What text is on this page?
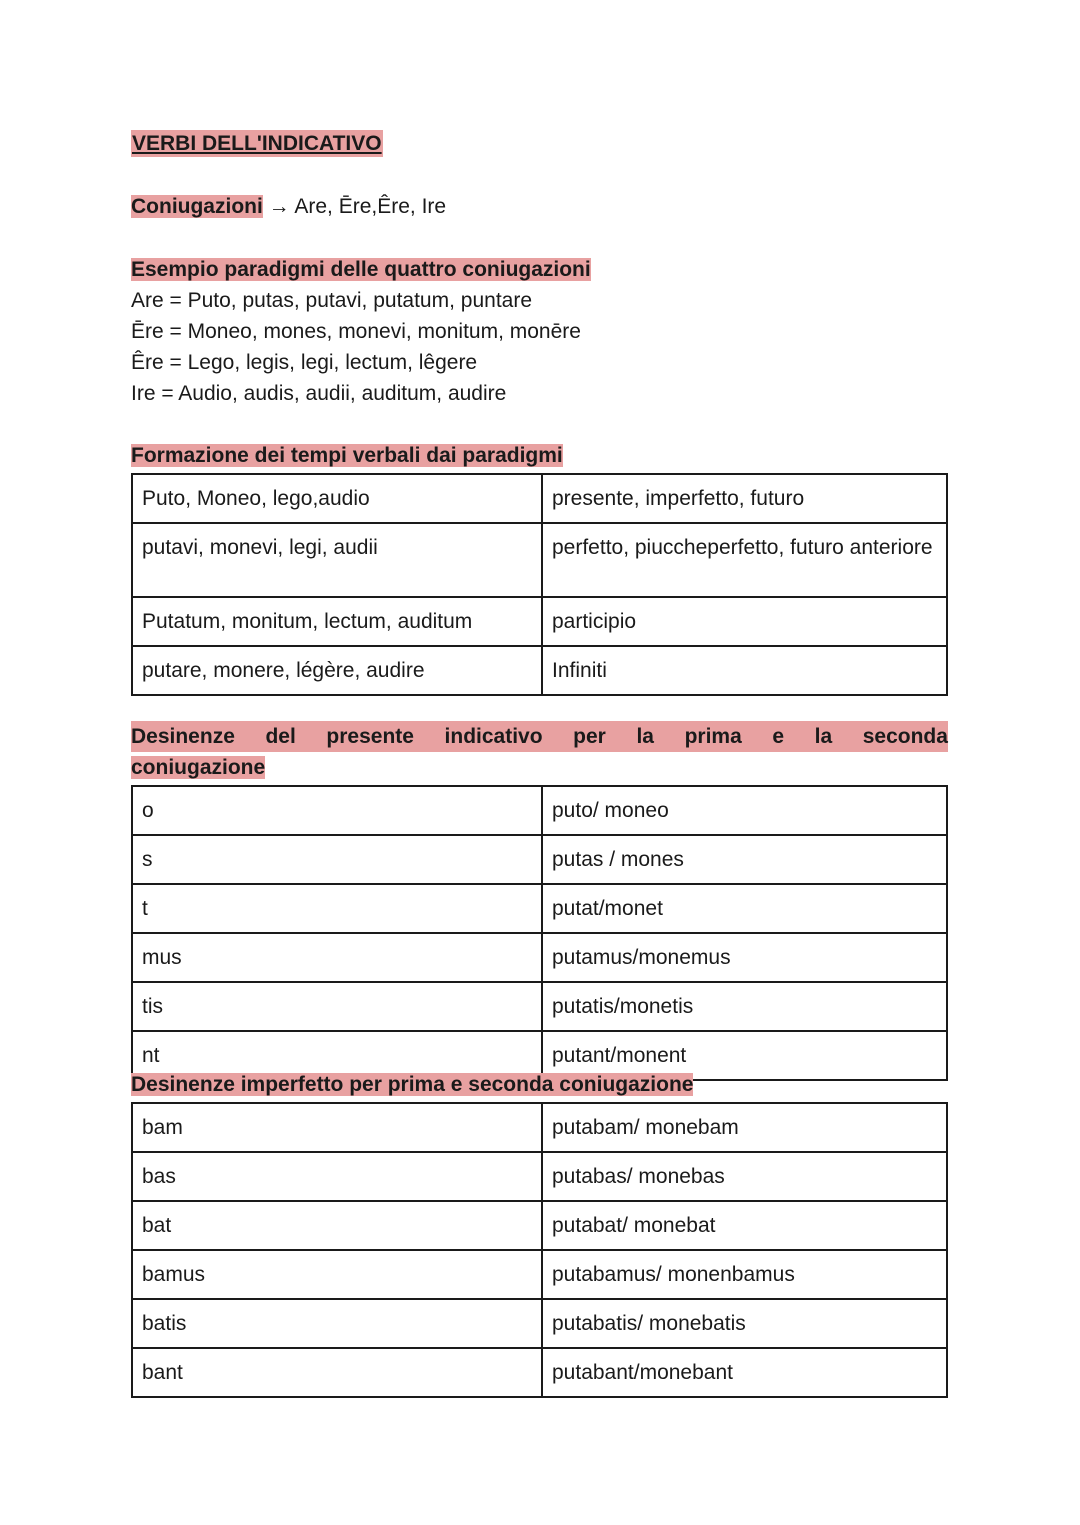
VERBI DELL'INDICATIVO
Coniugazioni → Are, Ēre,Êre, Ire
Esempio paradigmi delle quattro coniugazioni
Are = Puto, putas, putavi, putatum, puntare
Ēre = Moneo, mones, monevi, monitum, monēre
Êre = Lego, legis, legi, lectum, lêgere
Ire = Audio, audis, audii, auditum, audire
Formazione dei tempi verbali dai paradigmi
Puto, Moneo, lego,audio	presente, imperfetto, futuro
putavi, monevi, legi, audii	perfetto, piuccheperfetto, futuro anteriore
Putatum, monitum, lectum, auditum	participio
putare, monere, légère, audire	Infiniti
Desinenze del presente indicativo per la prima e la seconda
coniugazione
o	puto/ moneo
s	putas / mones
t	putat/monet
mus	putamus/monemus
tis	putatis/monetis
nt	putant/monent
Desinenze imperfetto per prima e seconda coniugazione
bam	putabam/ monebam
bas	putabas/ monebas
bat	putabat/ monebat
bamus	putabamus/ monenbamus
batis	putabatis/ monebatis
bant	putabant/monebant
